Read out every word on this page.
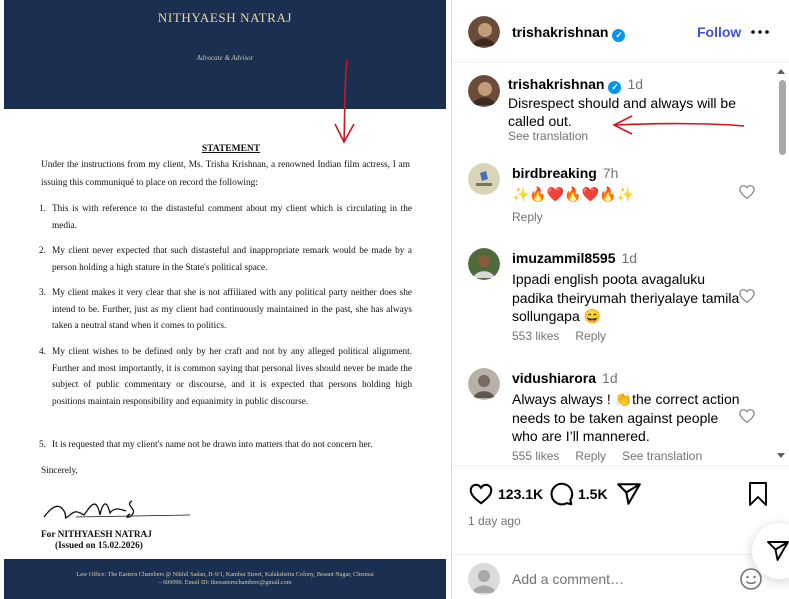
NITHYAESH NATRAJ
Advocate & Advisor
STATEMENT
Under the instructions from my client, Ms. Trisha Krishnan, a renowned Indian film actress, I am issuing this communiqué to place on record the following:
1. This is with reference to the distasteful comment about my client which is circulating in the media.
2. My client never expected that such distasteful and inappropriate remark would be made by a person holding a high stature in the State's political space.
3. My client makes it very clear that she is not affiliated with any political party neither does she intend to be. Further, just as my client had continuously maintained in the past, she has always taken a neutral stand when it comes to politics.
4. My client wishes to be defined only by her craft and not by any alleged political alignment. Further and most importantly, it is common saying that personal lives should never be made the subject of public commentary or discourse, and it is expected that persons holding high positions maintain responsibility and equanimity in public discourse.
5. It is requested that my client's name not be drawn into matters that do not concern her.
Sincerely,
For NITHYAESH NATRAJ
(Issued on 15.02.2026)
Law Office: The Eastern Chambers @ Nikhil Sadan, H-9/1, Kambar Street, Kalakshetra Colony, Besant Nagar, Chennai
– 600090. Email ID: theeasternchambers@gmail.com
trishakrishnan ✓	Follow
trishakrishnan ✓ 1d
Disrespect should and always will be called out.
See translation
birdbreaking 7h
✨🔥❤️🔥❤️🔥✨
Reply
imuzammil8595 1d
Ippadi english poota avagaluku padika theiryumah theriyalaye tamila sollungapa 😄
553 likes Reply
vidushiarora 1d
Always always ! 👏the correct action needs to be taken against people who are I’ll mannered.
555 likes Reply See translation
123.1K 1.5K
1 day ago
Add a comment…
